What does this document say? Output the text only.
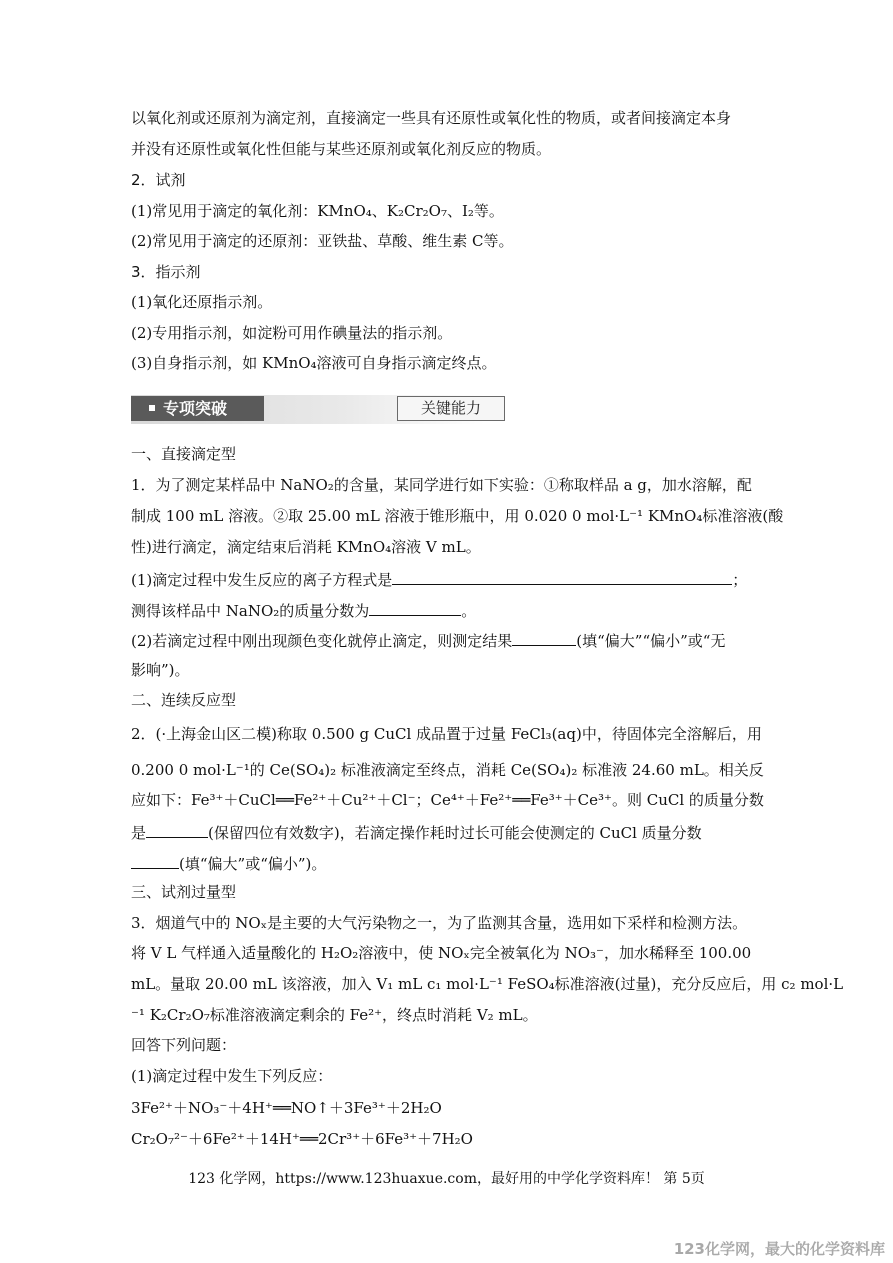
以氧化剂或还原剂为滴定剂，直接滴定一些具有还原性或氧化性的物质，或者间接滴定本身
并没有还原性或氧化性但能与某些还原剂或氧化剂反应的物质。
2．试剂
(1)常见用于滴定的氧化剂：KMnO₄、K₂Cr₂O₇、I₂等。
(2)常见用于滴定的还原剂：亚铁盐、草酸、维生素 C等。
3．指示剂
(1)氧化还原指示剂。
(2)专用指示剂，如淀粉可用作碘量法的指示剂。
(3)自身指示剂，如 KMnO₄溶液可自身指示滴定终点。
专项突破	关键能力
一、直接滴定型
1．为了测定某样品中 NaNO₂的含量，某同学进行如下实验：①称取样品 a g，加水溶解，配
制成 100 mL 溶液。②取 25.00 mL 溶液于锥形瓶中，用 0.020 0 mol·L⁻¹ KMnO₄标准溶液(酸
性)进行滴定，滴定结束后消耗 KMnO₄溶液 V mL。
(1)滴定过程中发生反应的离子方程式是	；
测得该样品中 NaNO₂的质量分数为	。
(2)若滴定过程中刚出现颜色变化就停止滴定，则测定结果	(填“偏大”“偏小”或“无
影响”)。
二、连续反应型
2．(·上海金山区二模)称取 0.500 g CuCl 成品置于过量 FeCl₃(aq)中，待固体完全溶解后，用
0.200 0 mol·L⁻¹的 Ce(SO₄)₂ 标准液滴定至终点，消耗 Ce(SO₄)₂ 标准液 24.60 mL。相关反
应如下：Fe³⁺＋CuCl══Fe²⁺＋Cu²⁺＋Cl⁻；Ce⁴⁺＋Fe²⁺══Fe³⁺＋Ce³⁺。则 CuCl 的质量分数
是	(保留四位有效数字)，若滴定操作耗时过长可能会使测定的 CuCl 质量分数
(填“偏大”或“偏小”)。
三、试剂过量型
3．烟道气中的 NOₓ是主要的大气污染物之一，为了监测其含量，选用如下采样和检测方法。
将 V L 气样通入适量酸化的 H₂O₂溶液中，使 NOₓ完全被氧化为 NO₃⁻，加水稀释至 100.00
mL。量取 20.00 mL 该溶液，加入 V₁ mL c₁ mol·L⁻¹ FeSO₄标准溶液(过量)，充分反应后，用 c₂ mol·L
⁻¹ K₂Cr₂O₇标准溶液滴定剩余的 Fe²⁺，终点时消耗 V₂ mL。
回答下列问题：
(1)滴定过程中发生下列反应：
3Fe²⁺＋NO₃⁻＋4H⁺══NO↑＋3Fe³⁺＋2H₂O
Cr₂O₇²⁻＋6Fe²⁺＋14H⁺══2Cr³⁺＋6Fe³⁺＋7H₂O
123 化学网，https://www.123huaxue.com，最好用的中学化学资料库！ 第 5页
123化学网，最大的化学资料库
